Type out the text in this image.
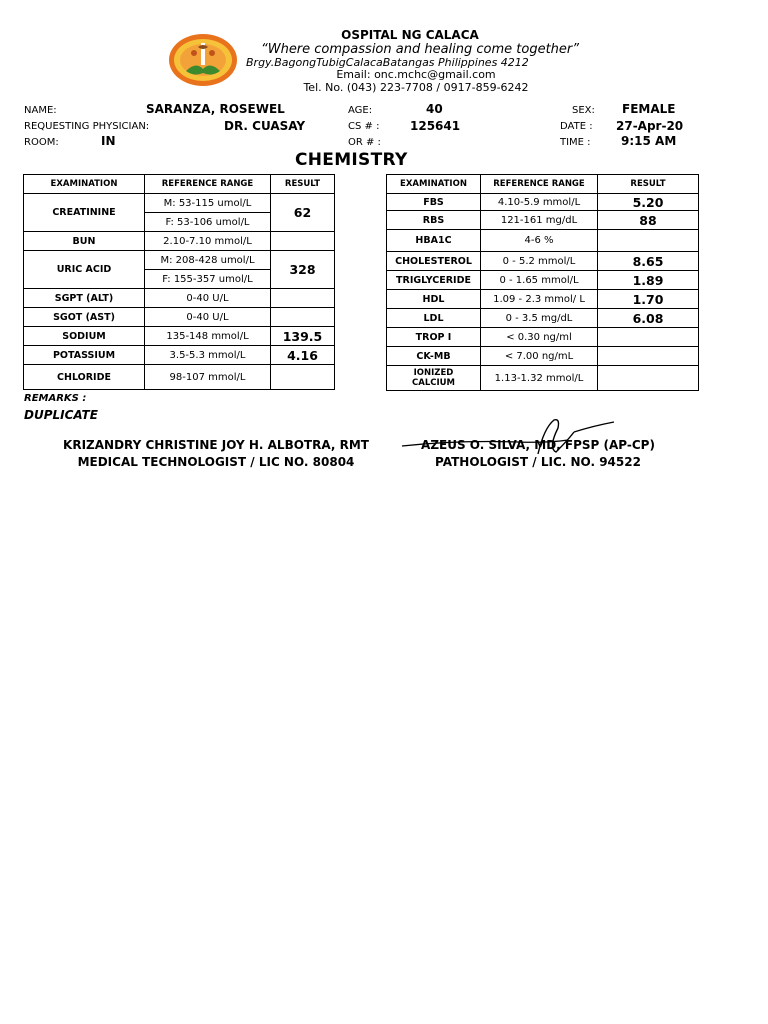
OSPITAL NG CALACA
“Where compassion and healing come together”
Brgy.BagongTubigCalacaBatangas Philippines 4212
Email: onc.mchc@gmail.com
Tel. No. (043) 223-7708 / 0917-859-6242
NAME:	SARANZA, ROSEWEL	AGE:	40	SEX: FEMALE
REQUESTING PHYSICIAN:	DR. CUASAY	CS # :	125641	DATE : 27-Apr-20
ROOM:	IN	OR # :	TIME :	9:15 AM
CHEMISTRY
EXAMINATION	REFERENCE RANGE	RESULT
CREATININE	M: 53-115 umol/L	62
	F: 53-106 umol/L	
BUN	2.10-7.10 mmol/L	
URIC ACID	M: 208-428 umol/L	328
	F: 155-357 umol/L	
SGPT (ALT)	0-40 U/L	
SGOT (AST)	0-40 U/L	
SODIUM	135-148 mmol/L	139.5
POTASSIUM	3.5-5.3 mmol/L	4.16
CHLORIDE	98-107 mmol/L	
EXAMINATION	REFERENCE RANGE	RESULT
FBS	4.10-5.9 mmol/L	5.20
RBS	121-161 mg/dL	88
HBA1C	4-6 %	
CHOLESTEROL	0 - 5.2 mmol/L	8.65
TRIGLYCERIDE	0 - 1.65 mmol/L	1.89
HDL	1.09 - 2.3 mmol/ L	1.70
LDL	0 - 3.5 mg/dL	6.08
TROP I	< 0.30 ng/ml	
CK-MB	< 7.00 ng/mL	

IONIZED
CALCIUM	1.13-1.32 mmol/L	
REMARKS :
DUPLICATE
KRIZANDRY CHRISTINE JOY H. ALBOTRA, RMT
MEDICAL TECHNOLOGIST / LIC NO. 80804
AZEUS O. SILVA, MD, FPSP (AP-CP)
PATHOLOGIST / LIC. NO. 94522
